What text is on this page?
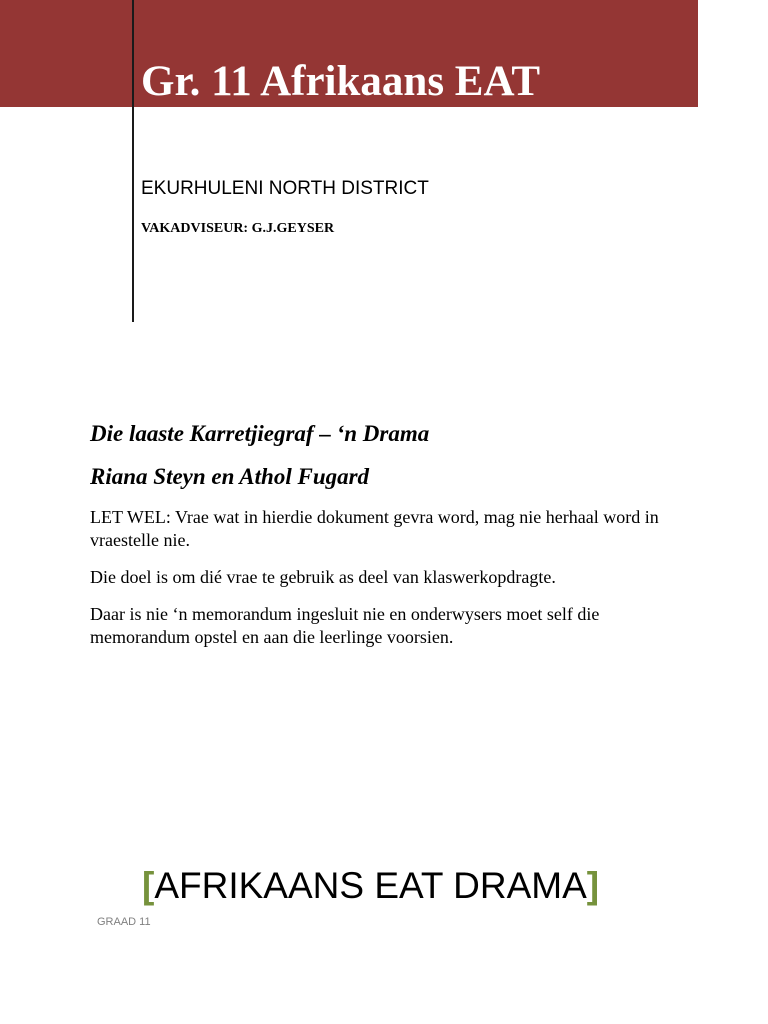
Gr. 11 Afrikaans EAT

EKURHULENI NORTH DISTRICT

VAKADVISEUR: G.J.GEYSER

Die laaste Karretjiegraf – ‘n Drama
Riana Steyn en Athol Fugard

LET WEL: Vrae wat in hierdie dokument gevra word, mag nie herhaal word in vraestelle nie.

Die doel is om dié vrae te gebruik as deel van klaswerkopdragte.

Daar is nie ‘n memorandum ingesluit nie en onderwysers moet self die memorandum opstel en aan die leerlinge voorsien.

[AFRIKAANS EAT DRAMA]

GRAAD 11
